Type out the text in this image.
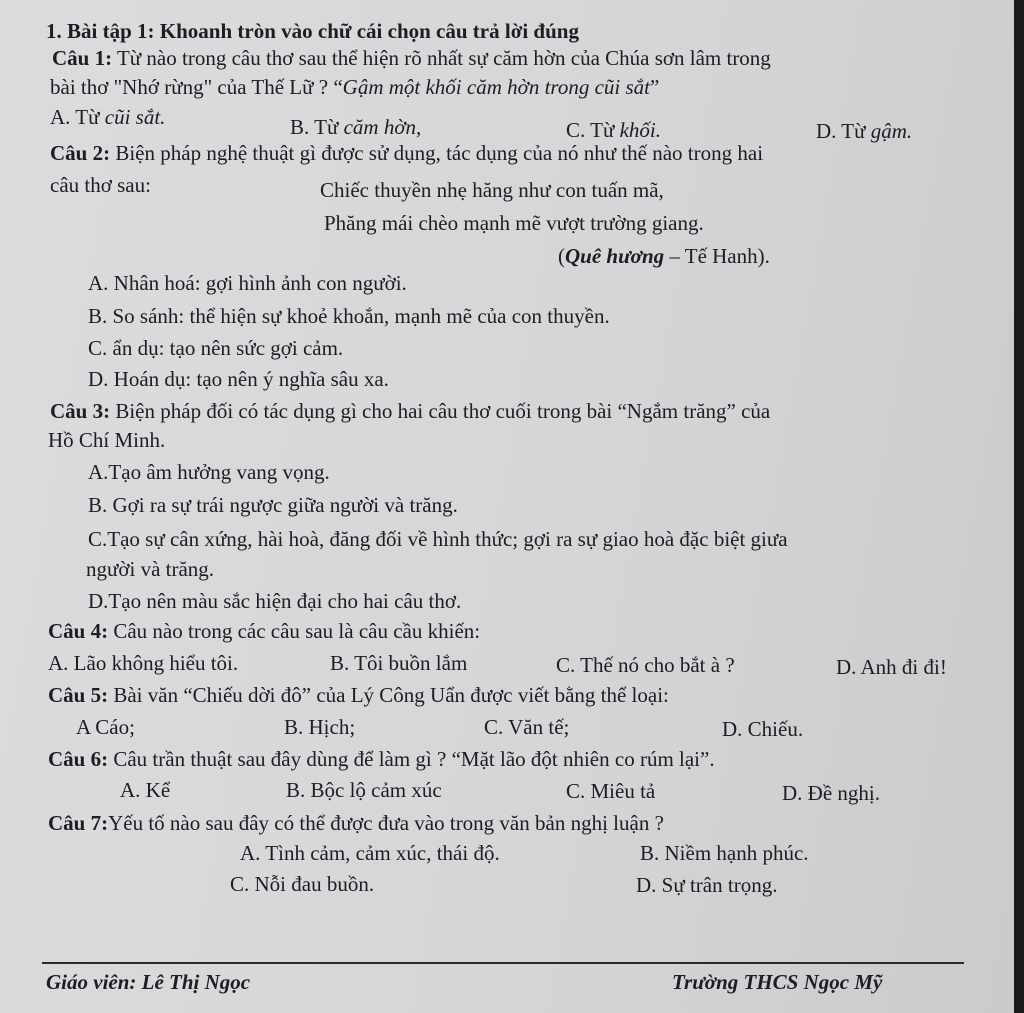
1. Bài tập 1: Khoanh tròn vào chữ cái chọn câu trả lời đúng
Câu 1: Từ nào trong câu thơ sau thể hiện rõ nhất sự căm hờn của Chúa sơn lâm trong
bài thơ "Nhớ rừng" của Thế Lữ ? “Gậm một khối căm hờn trong cũi sắt”
A. Từ cũi sắt.	B. Từ căm hờn,	C. Từ khối.	D. Từ gậm.
Câu 2: Biện pháp nghệ thuật gì được sử dụng, tác dụng của nó như thế nào trong hai
câu thơ sau:	Chiếc thuyền nhẹ hăng như con tuấn mã,
Phăng mái chèo mạnh mẽ vượt trường giang.
(Quê hương – Tế Hanh).
A. Nhân hoá: gợi hình ảnh con người.
B. So sánh: thể hiện sự khoẻ khoắn, mạnh mẽ của con thuyền.
C. ẩn dụ: tạo nên sức gợi cảm.
D. Hoán dụ: tạo nên ý nghĩa sâu xa.
Câu 3: Biện pháp đối có tác dụng gì cho hai câu thơ cuối trong bài “Ngắm trăng” của
Hồ Chí Minh.
A.Tạo âm hưởng vang vọng.
B. Gợi ra sự trái ngược giữa người và trăng.
C.Tạo sự cân xứng, hài hoà, đăng đối về hình thức; gợi ra sự giao hoà đặc biệt giưa
người và trăng.
D.Tạo nên màu sắc hiện đại cho hai câu thơ.
Câu 4: Câu nào trong các câu sau là câu cầu khiến:
A. Lão không hiểu tôi.	B. Tôi buồn lắm	C. Thế nó cho bắt à ?	D. Anh đi đi!
Câu 5: Bài văn “Chiếu dời đô” của Lý Công Uẩn được viết bằng thể loại:
A Cáo;	B. Hịch;	C. Văn tế;	D. Chiếu.
Câu 6: Câu trần thuật sau đây dùng để làm gì ? “Mặt lão đột nhiên co rúm lại”.
A. Kể	B. Bộc lộ cảm xúc	C. Miêu tả	D. Đề nghị.
Câu 7:Yếu tố nào sau đây có thể được đưa vào trong văn bản nghị luận ?
A. Tình cảm, cảm xúc, thái độ.	B. Niềm hạnh phúc.
C. Nỗi đau buồn.	D. Sự trân trọng.
Giáo viên: Lê Thị Ngọc	Trường THCS Ngọc Mỹ
